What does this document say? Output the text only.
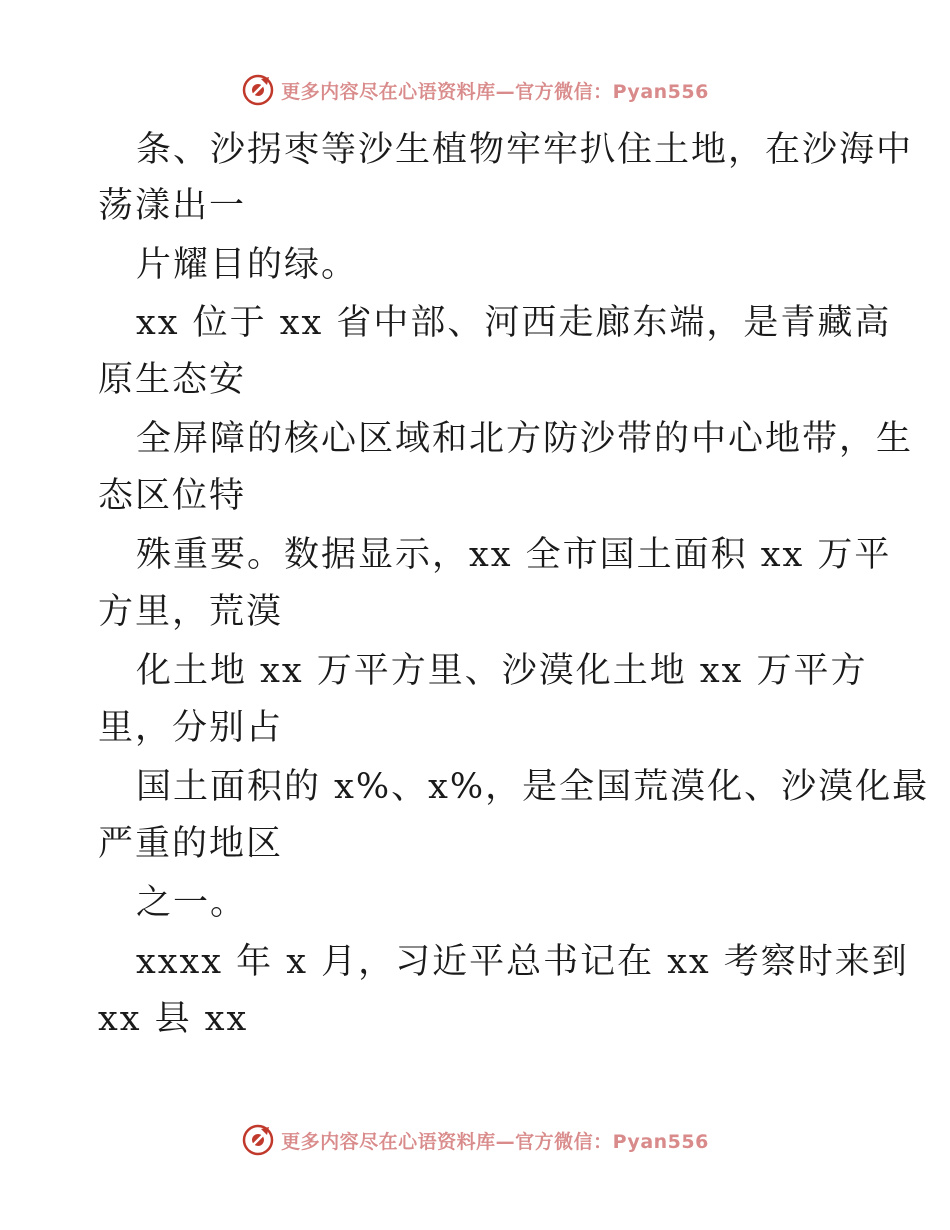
更多内容尽在心语资料库—官方微信：Pyan556
条、沙拐枣等沙生植物牢牢扒住土地，在沙海中
荡漾出一
片耀目的绿。
xx 位于 xx 省中部、河西走廊东端，是青藏高
原生态安
全屏障的核心区域和北方防沙带的中心地带，生
态区位特
殊重要。数据显示，xx 全市国土面积 xx 万平
方里，荒漠
化土地 xx 万平方里、沙漠化土地 xx 万平方
里，分别占
国土面积的 x%、x%，是全国荒漠化、沙漠化最
严重的地区
之一。
xxxx 年 x 月，习近平总书记在 xx 考察时来到
xx 县 xx
更多内容尽在心语资料库—官方微信：Pyan556
